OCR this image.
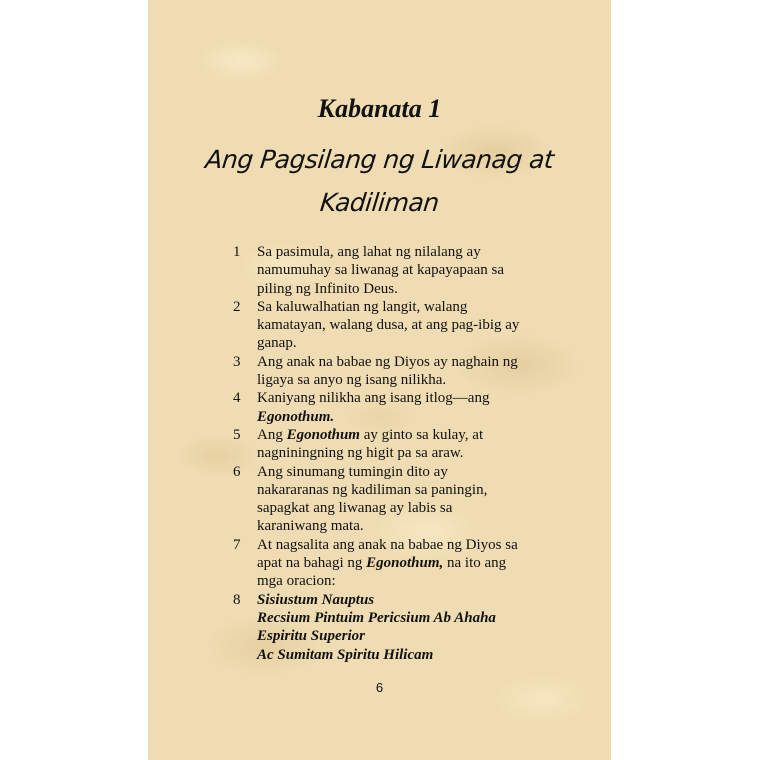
Kabanata 1
Ang Pagsilang ng Liwanag at
Kadiliman
1	Sa pasimula, ang lahat ng nilalang ay namumuhay sa liwanag at kapayapaan sa piling ng Infinito Deus.
2	Sa kaluwalhatian ng langit, walang kamatayan, walang dusa, at ang pag-ibig ay ganap.
3	Ang anak na babae ng Diyos ay naghain ng ligaya sa anyo ng isang nilikha.
4	Kaniyang nilikha ang isang itlog—ang Egonothum.
5	Ang Egonothum ay ginto sa kulay, at nagniningning ng higit pa sa araw.
6	Ang sinumang tumingin dito ay nakararanas ng kadiliman sa paningin, sapagkat ang liwanag ay labis sa karaniwang mata.
7	At nagsalita ang anak na babae ng Diyos sa apat na bahagi ng Egonothum, na ito ang mga oracion:
8	Sisiustum Nauptus
Recsium Pintuim Pericsium Ab Ahaha
Espiritu Superior
Ac Sumitam Spiritu Hilicam
6
